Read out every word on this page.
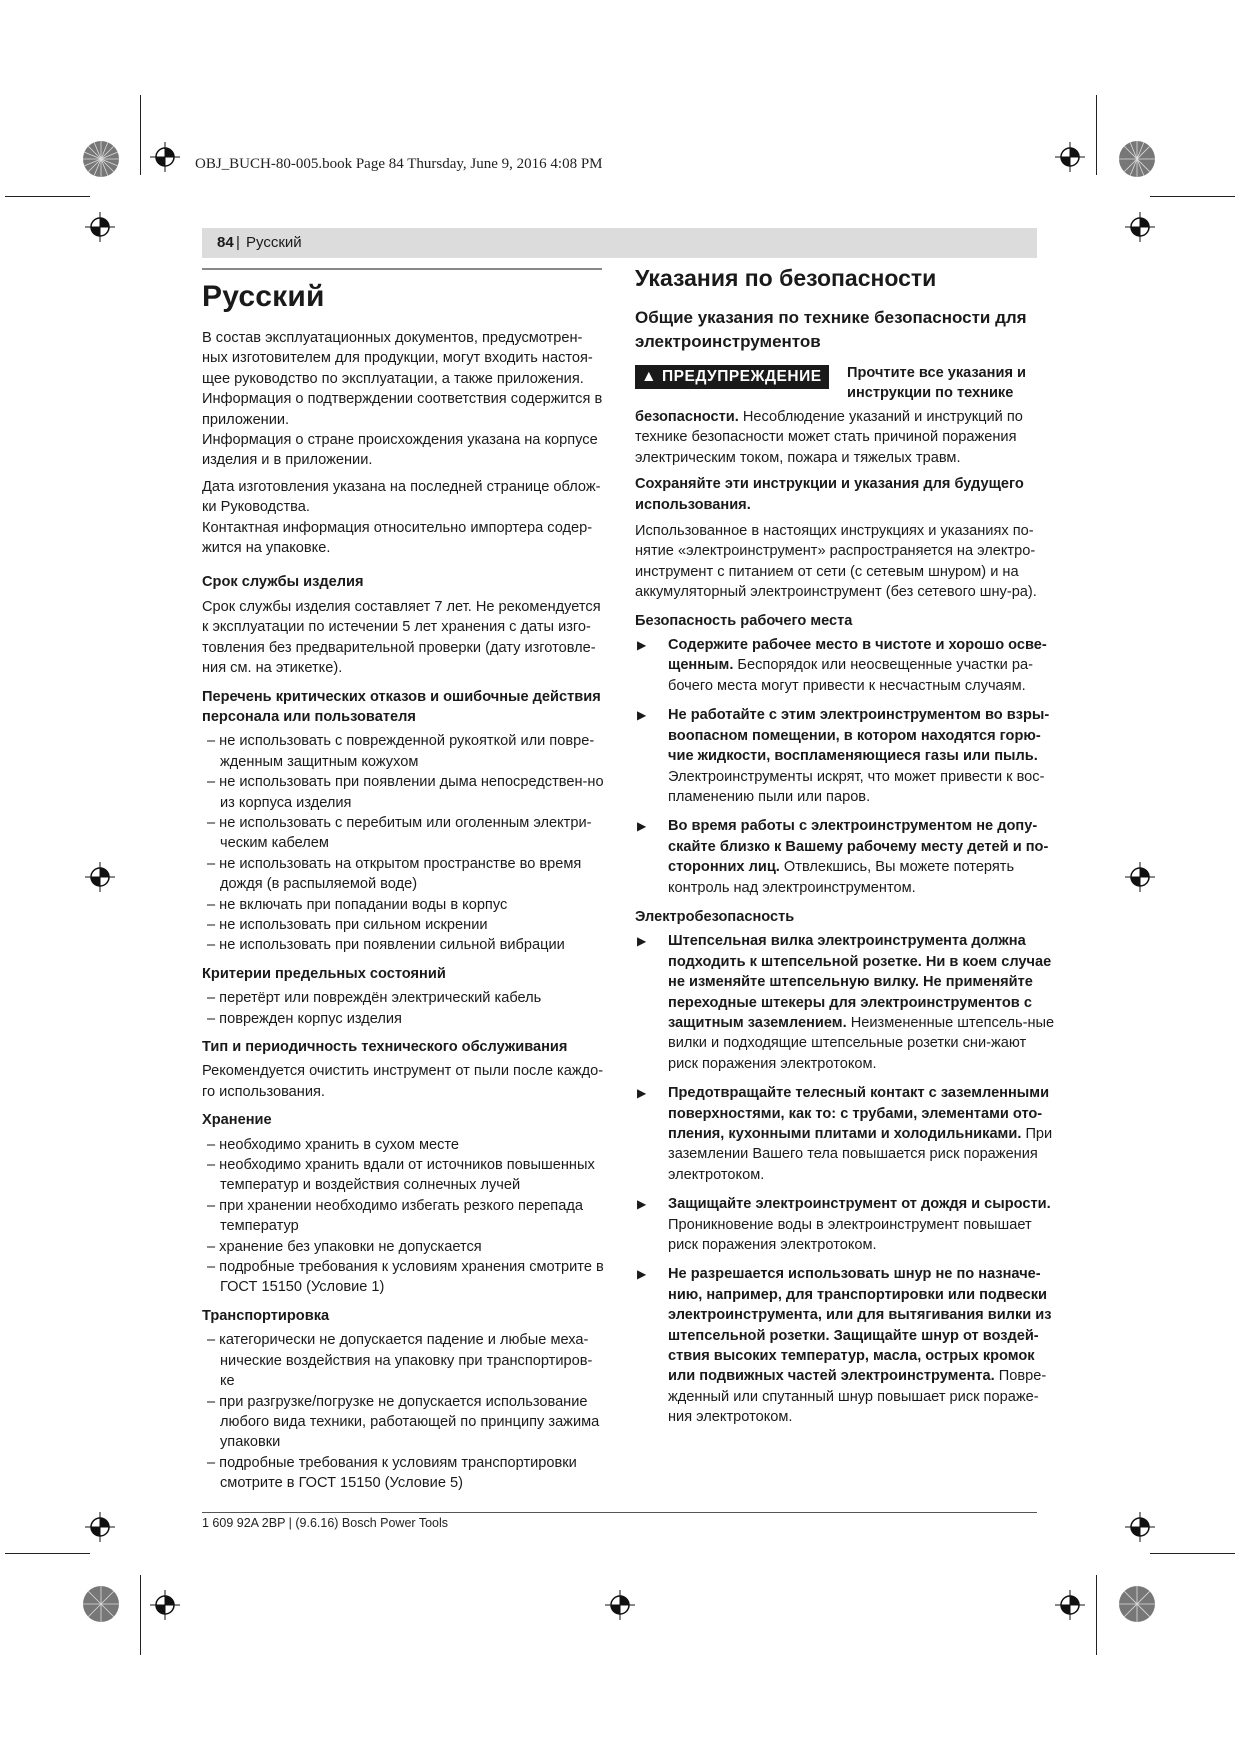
OBJ_BUCH-80-005.book Page 84 Thursday, June 9, 2016 4:08 PM
84 | Русский
Русский

В состав эксплуатационных документов, предусмотрен-ных изготовителем для продукции, могут входить настоя-щее руководство по эксплуатации, а также приложения.

Информация о подтверждении соответствия содержится в приложении.

Информация о стране происхождения указана на корпусе изделия и в приложении.

Дата изготовления указана на последней странице облож-ки Руководства.

Контактная информация относительно импортера содер-жится на упаковке.

Срок службы изделия

Срок службы изделия составляет 7 лет. Не рекомендуется к эксплуатации по истечении 5 лет хранения с даты изго-товления без предварительной проверки (дату изготовле-ния см. на этикетке).

Перечень критических отказов и ошибочные действия персонала или пользователя
– не использовать с поврежденной рукояткой или повре-жденным защитным кожухом
– не использовать при появлении дыма непосредствен-но из корпуса изделия
– не использовать с перебитым или оголенным электри-ческим кабелем
– не использовать на открытом пространстве во время дождя (в распыляемой воде)
– не включать при попадании воды в корпус
– не использовать при сильном искрении
– не использовать при появлении сильной вибрации
Критерии предельных состояний
– перетёрт или повреждён электрический кабель
– поврежден корпус изделия
Тип и периодичность технического обслуживания

Рекомендуется очистить инструмент от пыли после каждо-го использования.

Хранение
– необходимо хранить в сухом месте
– необходимо хранить вдали от источников повышенных температур и воздействия солнечных лучей
– при хранении необходимо избегать резкого перепада температур
– хранение без упаковки не допускается
– подробные требования к условиям хранения смотрите в ГОСТ 15150 (Условие 1)
Транспортировка
– категорически не допускается падение и любые меха-нические воздействия на упаковку при транспортиров-ке
– при разгрузке/погрузке не допускается использование любого вида техники, работающей по принципу зажима упаковки
– подробные требования к условиям транспортировки смотрите в ГОСТ 15150 (Условие 5)
Указания по безопасности
Общие указания по технике безопасности для электроинструментов
▲ ПРЕДУПРЕЖДЕНИЕ Прочтите все указания и инструкции по технике

безопасности. Несоблюдение указаний и инструкций по технике безопасности может стать причиной поражения электрическим током, пожара и тяжелых травм.

Сохраняйте эти инструкции и указания для будущего использования.

Использованное в настоящих инструкциях и указаниях по-нятие «электроинструмент» распространяется на электро-инструмент с питанием от сети (с сетевым шнуром) и на аккумуляторный электроинструмент (без сетевого шну-ра).

Безопасность рабочего места
▶ Содержите рабочее место в чистоте и хорошо осве-щенным. Беспорядок или неосвещенные участки ра-бочего места могут привести к несчастным случаям.
▶ Не работайте с этим электроинструментом во взры-воопасном помещении, в котором находятся горю-чие жидкости, воспламеняющиеся газы или пыль. Электроинструменты искрят, что может привести к вос-пламенению пыли или паров.
▶ Во время работы с электроинструментом не допу-скайте близко к Вашему рабочему месту детей и по-сторонних лиц. Отвлекшись, Вы можете потерять контроль над электроинструментом.
Электробезопасность
▶ Штепсельная вилка электроинструмента должна подходить к штепсельной розетке. Ни в коем случае не изменяйте штепсельную вилку. Не применяйте переходные штекеры для электроинструментов с защитным заземлением. Неизмененные штепсель-ные вилки и подходящие штепсельные розетки сни-жают риск поражения электротоком.
▶ Предотвращайте телесный контакт с заземленными поверхностями, как то: с трубами, элементами ото-пления, кухонными плитами и холодильниками. При заземлении Вашего тела повышается риск поражения электротоком.
▶ Защищайте электроинструмент от дождя и сырости. Проникновение воды в электроинструмент повышает риск поражения электротоком.
▶ Не разрешается использовать шнур не по назначе-нию, например, для транспортировки или подвески электроинструмента, или для вытягивания вилки из штепсельной розетки. Защищайте шнур от воздей-ствия высоких температур, масла, острых кромок или подвижных частей электроинструмента. Повре-жденный или спутанный шнур повышает риск пораже-ния электротоком.
1 609 92A 2BP | (9.6.16) Bosch Power Tools
